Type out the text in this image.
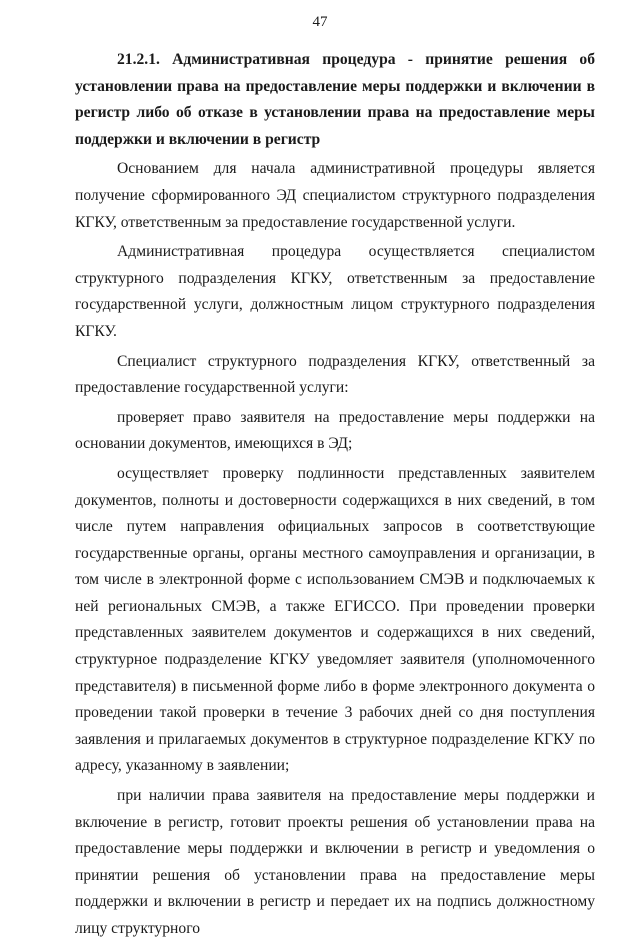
47

21.2.1. Административная процедура - принятие решения об установлении права на предоставление меры поддержки и включении в регистр либо об отказе в установлении права на предоставление меры поддержки и включении в регистр

Основанием для начала административной процедуры является получение сформированного ЭД специалистом структурного подразделения КГКУ, ответственным за предоставление государственной услуги.

Административная процедура осуществляется специалистом структурного подразделения КГКУ, ответственным за предоставление государственной услуги, должностным лицом структурного подразделения КГКУ.

Специалист структурного подразделения КГКУ, ответственный за предоставление государственной услуги:

проверяет право заявителя на предоставление меры поддержки на основании документов, имеющихся в ЭД;

осуществляет проверку подлинности представленных заявителем документов, полноты и достоверности содержащихся в них сведений, в том числе путем направления официальных запросов в соответствующие государственные органы, органы местного самоуправления и организации, в том числе в электронной форме с использованием СМЭВ и подключаемых к ней региональных СМЭВ, а также ЕГИССО. При проведении проверки представленных заявителем документов и содержащихся в них сведений, структурное подразделение КГКУ уведомляет заявителя (уполномоченного представителя) в письменной форме либо в форме электронного документа о проведении такой проверки в течение 3 рабочих дней со дня поступления заявления и прилагаемых документов в структурное подразделение КГКУ по адресу, указанному в заявлении;

при наличии права заявителя на предоставление меры поддержки и включение в регистр, готовит проекты решения об установлении права на предоставление меры поддержки и включении в регистр и уведомления о принятии решения об установлении права на предоставление меры поддержки и включении в регистр и передает их на подпись должностному лицу структурного
